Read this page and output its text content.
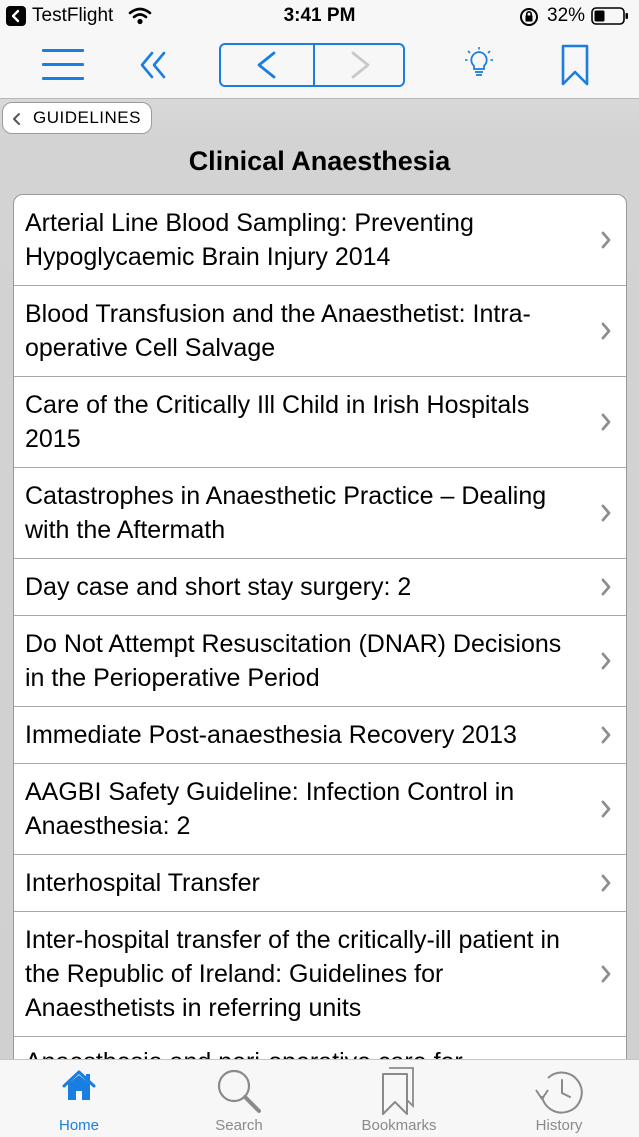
TestFlight	3:41 PM	32%
GUIDELINES
Clinical Anaesthesia
Arterial Line Blood Sampling: Preventing Hypoglycaemic Brain Injury 2014
Blood Transfusion and the Anaesthetist: Intra-operative Cell Salvage
Care of the Critically Ill Child in Irish Hospitals 2015
Catastrophes in Anaesthetic Practice – Dealing with the Aftermath
Day case and short stay surgery: 2
Do Not Attempt Resuscitation (DNAR) Decisions in the Perioperative Period
Immediate Post-anaesthesia Recovery 2013
AAGBI Safety Guideline: Infection Control in Anaesthesia: 2
Interhospital Transfer
Inter-hospital transfer of the critically-ill patient in the Republic of Ireland: Guidelines for Anaesthetists in referring units
Home	Search	Bookmarks	History
